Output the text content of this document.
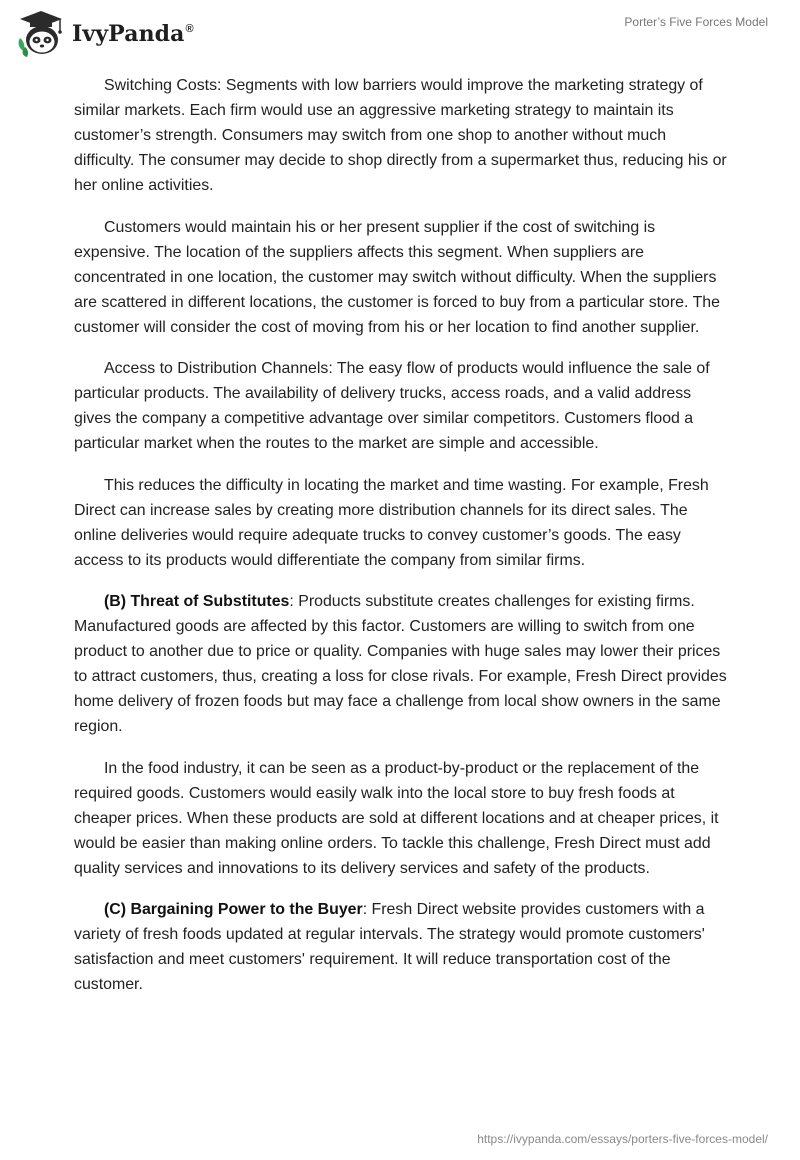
IvyPanda®	Porter’s Five Forces Model

Switching Costs: Segments with low barriers would improve the marketing strategy of similar markets. Each firm would use an aggressive marketing strategy to maintain its customer’s strength. Consumers may switch from one shop to another without much difficulty. The consumer may decide to shop directly from a supermarket thus, reducing his or her online activities.

Customers would maintain his or her present supplier if the cost of switching is expensive. The location of the suppliers affects this segment. When suppliers are concentrated in one location, the customer may switch without difficulty. When the suppliers are scattered in different locations, the customer is forced to buy from a particular store. The customer will consider the cost of moving from his or her location to find another supplier.

Access to Distribution Channels: The easy flow of products would influence the sale of particular products. The availability of delivery trucks, access roads, and a valid address gives the company a competitive advantage over similar competitors. Customers flood a particular market when the routes to the market are simple and accessible.

This reduces the difficulty in locating the market and time wasting. For example, Fresh Direct can increase sales by creating more distribution channels for its direct sales. The online deliveries would require adequate trucks to convey customer’s goods. The easy access to its products would differentiate the company from similar firms.

(B) Threat of Substitutes: Products substitute creates challenges for existing firms. Manufactured goods are affected by this factor. Customers are willing to switch from one product to another due to price or quality. Companies with huge sales may lower their prices to attract customers, thus, creating a loss for close rivals. For example, Fresh Direct provides home delivery of frozen foods but may face a challenge from local show owners in the same region.

In the food industry, it can be seen as a product-by-product or the replacement of the required goods. Customers would easily walk into the local store to buy fresh foods at cheaper prices. When these products are sold at different locations and at cheaper prices, it would be easier than making online orders. To tackle this challenge, Fresh Direct must add quality services and innovations to its delivery services and safety of the products.

(C) Bargaining Power to the Buyer: Fresh Direct website provides customers with a variety of fresh foods updated at regular intervals. The strategy would promote customers' satisfaction and meet customers' requirement. It will reduce transportation cost of the customer.

https://ivypanda.com/essays/porters-five-forces-model/
